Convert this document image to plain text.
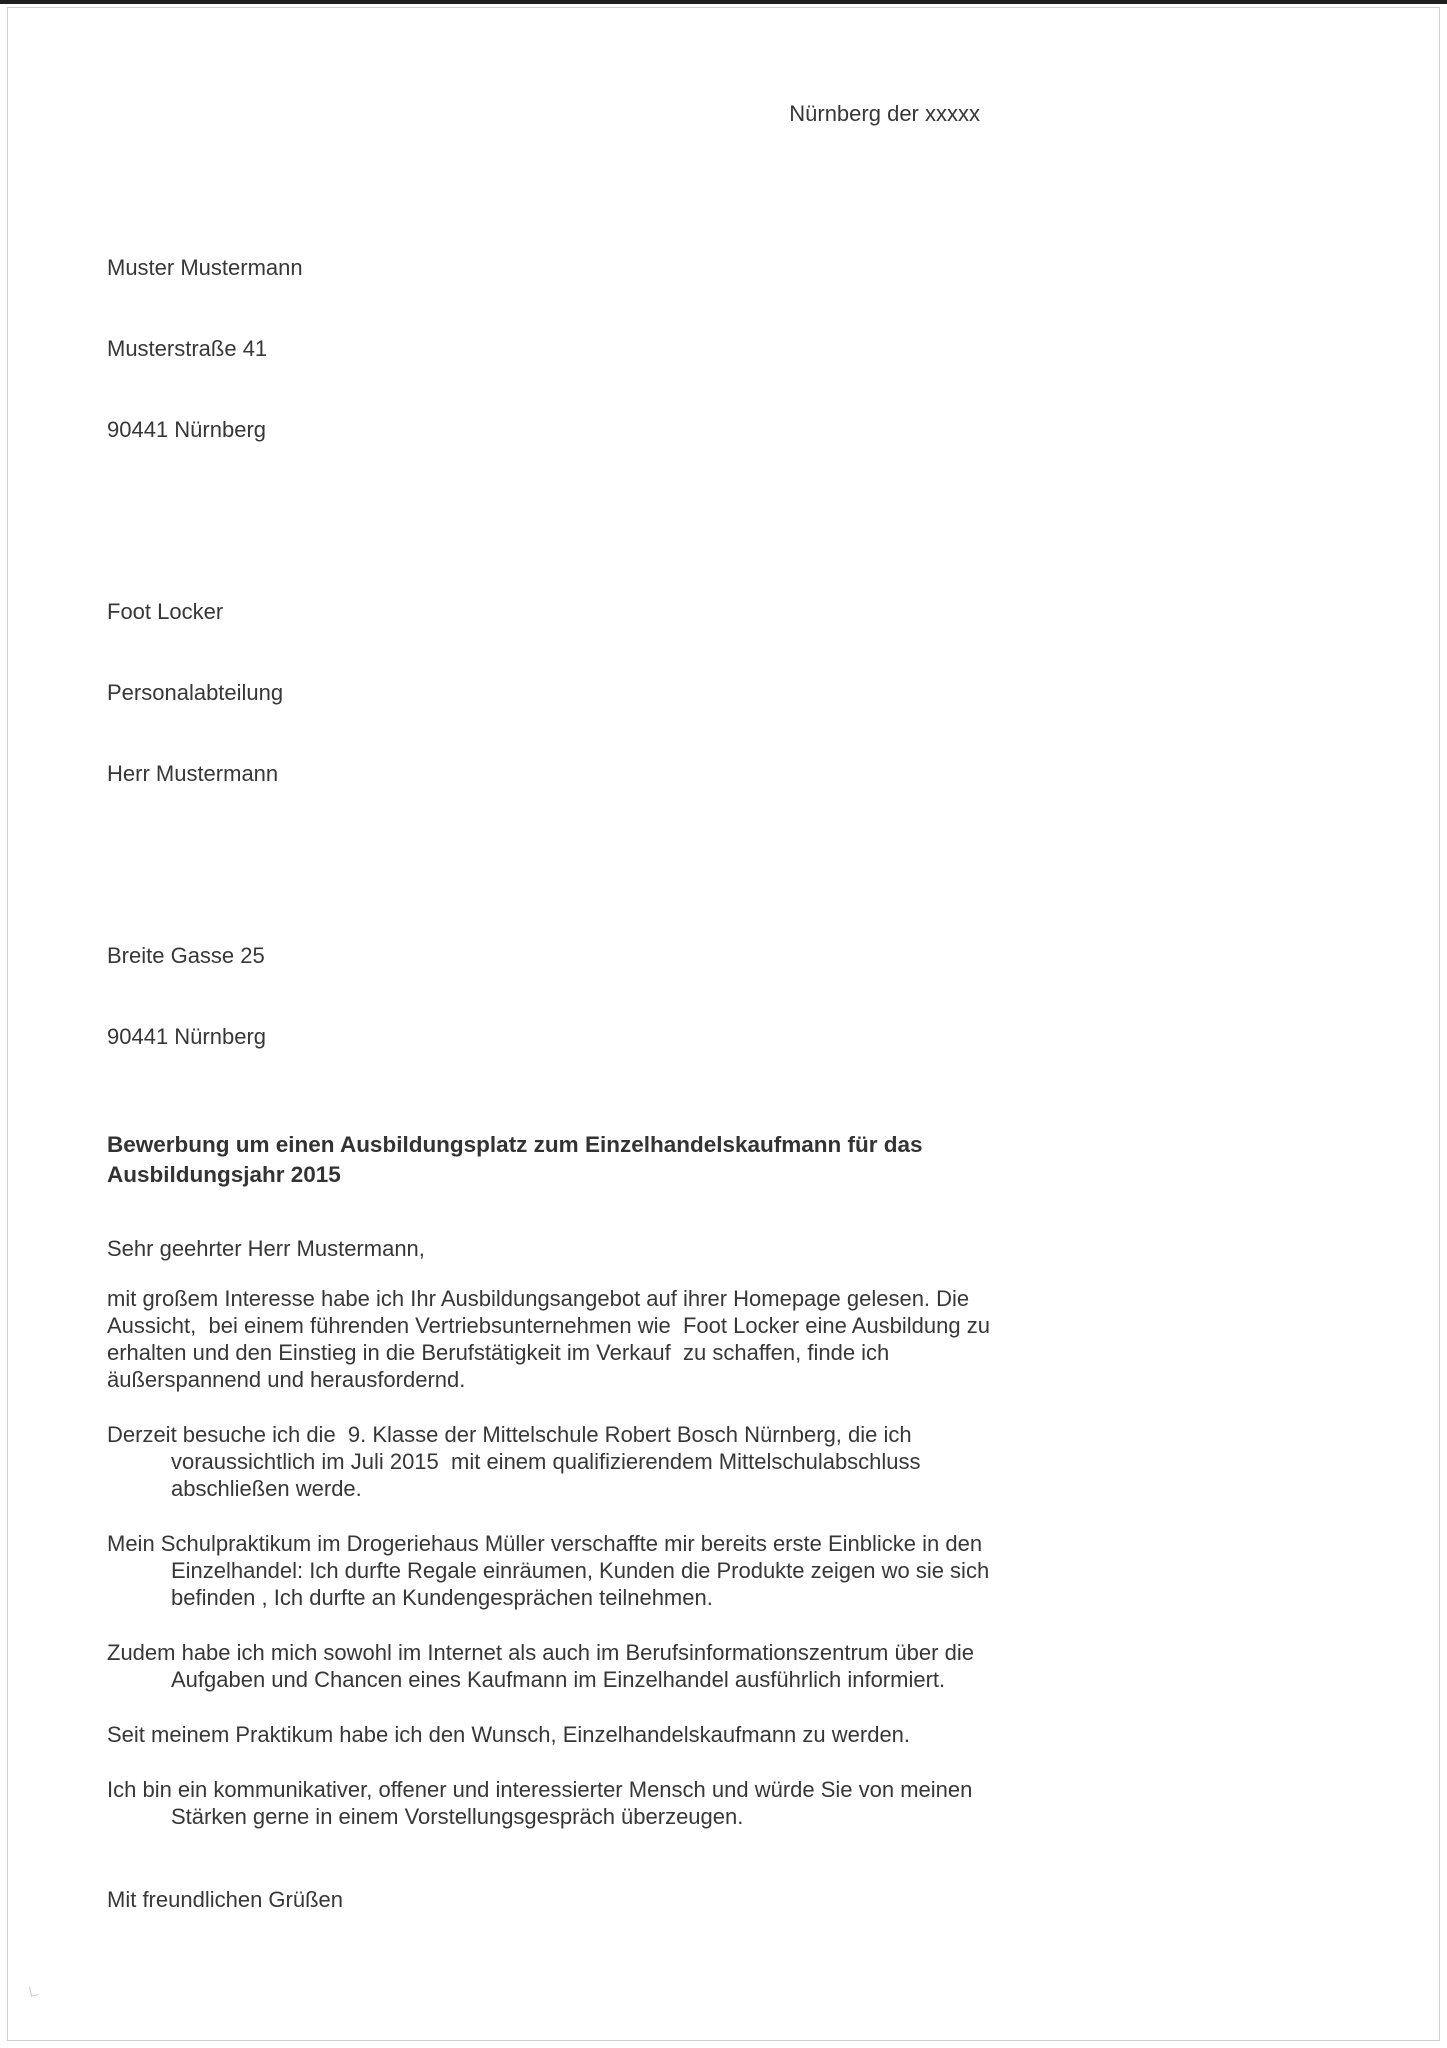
Nürnberg der xxxxx

Muster Mustermann

Musterstraße 41

90441 Nürnberg

Foot Locker

Personalabteilung

Herr Mustermann

Breite Gasse 25

90441 Nürnberg

Bewerbung um einen Ausbildungsplatz zum Einzelhandelskaufmann für das Ausbildungsjahr 2015
Sehr geehrter Herr Mustermann,

mit großem Interesse habe ich Ihr Ausbildungsangebot auf ihrer Homepage gelesen. Die Aussicht,  bei einem führenden Vertriebsunternehmen wie  Foot Locker eine Ausbildung zu erhalten und den Einstieg in die Berufstätigkeit im Verkauf  zu schaffen, finde ich äußerspannend und herausfordernd.

Derzeit besuche ich die  9. Klasse der Mittelschule Robert Bosch Nürnberg, die ich voraussichtlich im Juli 2015  mit einem qualifizierendem Mittelschulabschluss abschließen werde.

Mein Schulpraktikum im Drogeriehaus Müller verschaffte mir bereits erste Einblicke in den Einzelhandel: Ich durfte Regale einräumen, Kunden die Produkte zeigen wo sie sich befinden , Ich durfte an Kundengesprächen teilnehmen.

Zudem habe ich mich sowohl im Internet als auch im Berufsinformationszentrum über die Aufgaben und Chancen eines Kaufmann im Einzelhandel ausführlich informiert.

Seit meinem Praktikum habe ich den Wunsch, Einzelhandelskaufmann zu werden.

Ich bin ein kommunikativer, offener und interessierter Mensch und würde Sie von meinen Stärken gerne in einem Vorstellungsgespräch überzeugen.

Mit freundlichen Grüßen
